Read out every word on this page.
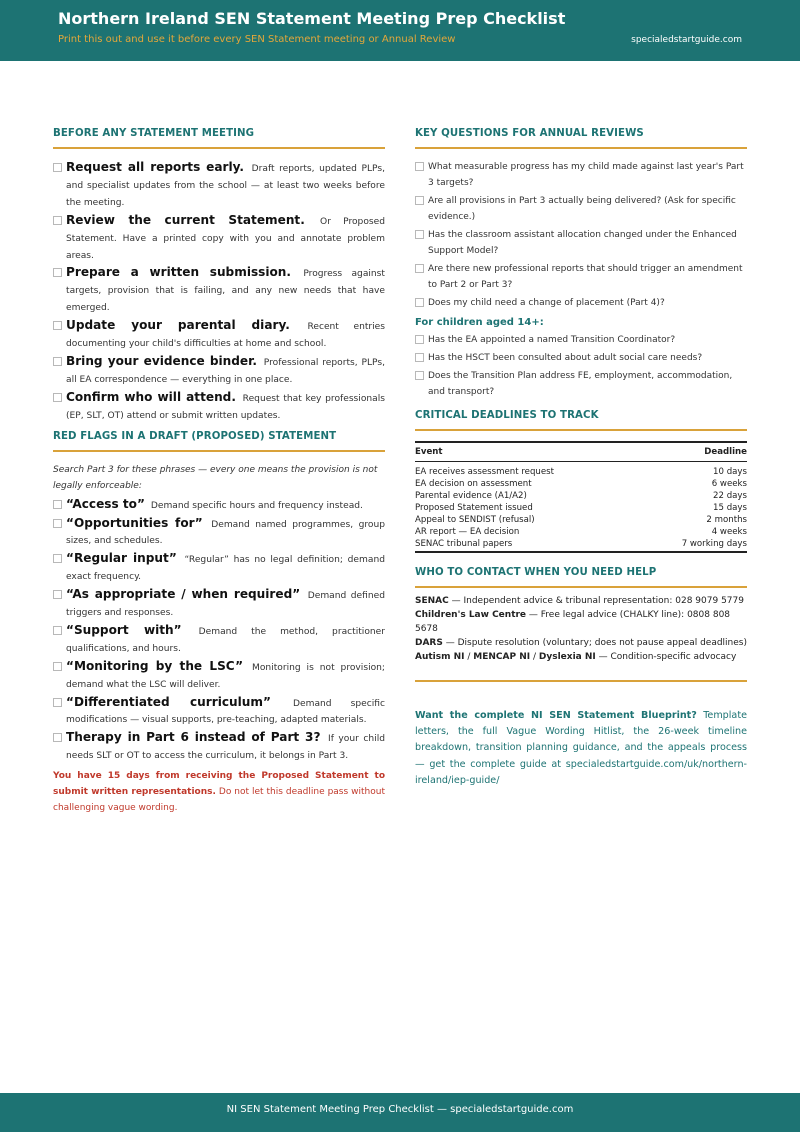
Northern Ireland SEN Statement Meeting Prep Checklist
Print this out and use it before every SEN Statement meeting or Annual Review	specialedstartguide.com
BEFORE ANY STATEMENT MEETING
Request all reports early. Draft reports, updated PLPs, and specialist updates from the school — at least two weeks before the meeting.
Review the current Statement. Or Proposed Statement. Have a printed copy with you and annotate problem areas.
Prepare a written submission. Progress against targets, provision that is failing, and any new needs that have emerged.
Update your parental diary. Recent entries documenting your child's difficulties at home and school.
Bring your evidence binder. Professional reports, PLPs, all EA correspondence — everything in one place.
Confirm who will attend. Request that key professionals (EP, SLT, OT) attend or submit written updates.
RED FLAGS IN A DRAFT (PROPOSED) STATEMENT
Search Part 3 for these phrases — every one means the provision is not legally enforceable:
“Access to” Demand specific hours and frequency instead.
“Opportunities for” Demand named programmes, group sizes, and schedules.
“Regular input” “Regular” has no legal definition; demand exact frequency.
“As appropriate / when required” Demand defined triggers and responses.
“Support with” Demand the method, practitioner qualifications, and hours.
“Monitoring by the LSC” Monitoring is not provision; demand what the LSC will deliver.
“Differentiated curriculum” Demand specific modifications — visual supports, pre-teaching, adapted materials.
Therapy in Part 6 instead of Part 3? If your child needs SLT or OT to access the curriculum, it belongs in Part 3.
You have 15 days from receiving the Proposed Statement to submit written representations. Do not let this deadline pass without challenging vague wording.
KEY QUESTIONS FOR ANNUAL REVIEWS
What measurable progress has my child made against last year's Part 3 targets?
Are all provisions in Part 3 actually being delivered? (Ask for specific evidence.)
Has the classroom assistant allocation changed under the Enhanced Support Model?
Are there new professional reports that should trigger an amendment to Part 2 or Part 3?
Does my child need a change of placement (Part 4)?
For children aged 14+:
Has the EA appointed a named Transition Coordinator?
Has the HSCT been consulted about adult social care needs?
Does the Transition Plan address FE, employment, accommodation, and transport?
CRITICAL DEADLINES TO TRACK
Event	Deadline
EA receives assessment request	10 days
EA decision on assessment	6 weeks
Parental evidence (A1/A2)	22 days
Proposed Statement issued	15 days
Appeal to SENDIST (refusal)	2 months
AR report — EA decision	4 weeks
SENAC tribunal papers	7 working days
WHO TO CONTACT WHEN YOU NEED HELP
SENAC — Independent advice & tribunal representation: 028 9079 5779
Children's Law Centre — Free legal advice (CHALKY line): 0808 808 5678
DARS — Dispute resolution (voluntary; does not pause appeal deadlines)
Autism NI / MENCAP NI / Dyslexia NI — Condition-specific advocacy
Want the complete NI SEN Statement Blueprint? Template letters, the full Vague Wording Hitlist, the 26-week timeline breakdown, transition planning guidance, and the appeals process — get the complete guide at specialedstartguide.com/uk/northern-ireland/iep-guide/
NI SEN Statement Meeting Prep Checklist — specialedstartguide.com
